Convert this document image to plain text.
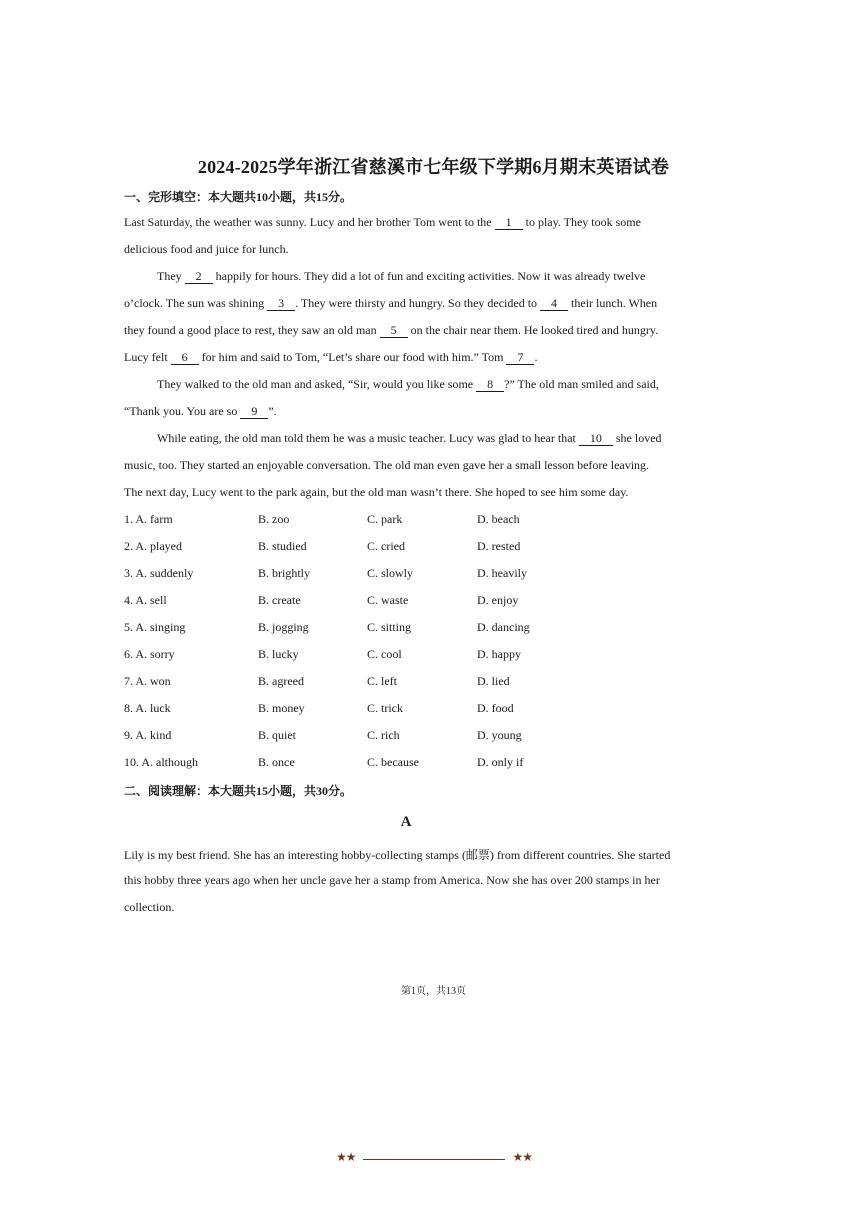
2024-2025学年浙江省慈溪市七年级下学期6月期末英语试卷
一、完形填空：本大题共10小题，共15分。
Last Saturday, the weather was sunny. Lucy and her brother Tom went to the 1 to play. They took some
delicious food and juice for lunch.
They 2 happily for hours. They did a lot of fun and exciting activities. Now it was already twelve
o’clock. The sun was shining 3 . They were thirsty and hungry. So they decided to 4 their lunch. When
they found a good place to rest, they saw an old man 5 on the chair near them. He looked tired and hungry.
Lucy felt 6 for him and said to Tom, “Let’s share our food with him.” Tom 7 .
They walked to the old man and asked, “Sir, would you like some 8 ?” The old man smiled and said,
“Thank you. You are so 9 ”.
While eating, the old man told them he was a music teacher. Lucy was glad to hear that 10 she loved
music, too. They started an enjoyable conversation. The old man even gave her a small lesson before leaving.
The next day, Lucy went to the park again, but the old man wasn’t there. She hoped to see him some day.
1. A. farm	B. zoo	C. park	D. beach
2. A. played	B. studied	C. cried	D. rested
3. A. suddenly	B. brightly	C. slowly	D. heavily
4. A. sell	B. create	C. waste	D. enjoy
5. A. singing	B. jogging	C. sitting	D. dancing
6. A. sorry	B. lucky	C. cool	D. happy
7. A. won	B. agreed	C. left	D. lied
8. A. luck	B. money	C. trick	D. food
9. A. kind	B. quiet	C. rich	D. young
10. A. although	B. once	C. because	D. only if
二、阅读理解：本大题共15小题，共30分。
A
Lily is my best friend. She has an interesting hobby-collecting stamps (邮票) from different countries. She started
this hobby three years ago when her uncle gave her a stamp from America. Now she has over 200 stamps in her
collection.
第1页，共13页
★★	★★
